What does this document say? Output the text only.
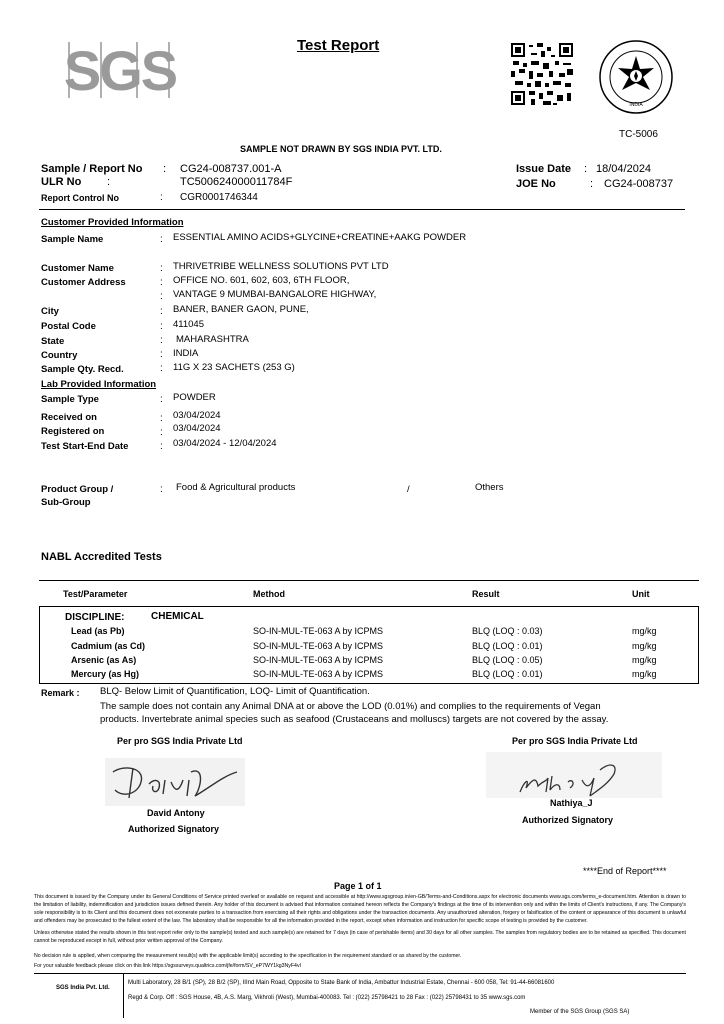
SGS	Test Report
INDIA
TC-5006
SAMPLE NOT DRAWN BY SGS INDIA PVT. LTD.
Sample / Report No : CG24-008737.001-A
ULR No :	TC500624000011784F
Report Control No	: CGR0001746344
Issue Date : 18/04/2024
JOE No	: CG24-008737
Customer Provided Information
Sample Name	: ESSENTIAL AMINO ACIDS+GLYCINE+CREATINE+AAKG POWDER
Customer Name	: THRIVETRIBE WELLNESS SOLUTIONS PVT LTD
Customer Address	: OFFICE NO. 601, 602, 603, 6TH FLOOR,
: VANTAGE 9 MUMBAI-BANGALORE HIGHWAY,
City	: BANER, BANER GAON, PUNE,
Postal Code	: 411045
State	: MAHARASHTRA
Country	: INDIA
Sample Qty. Recd.	: 11G X 23 SACHETS (253 G)
Lab Provided Information
Sample Type	: POWDER
Received on	: 03/04/2024
Registered on	: 03/04/2024
Test Start-End Date	: 03/04/2024 - 12/04/2024
Product Group /
Sub-Group
: Food & Agricultural products	/	Others
NABL Accredited Tests
Test/Parameter	Method	Result	Unit
DISCIPLINE:	CHEMICAL
Lead (as Pb)	SO-IN-MUL-TE-063 A by ICPMS	BLQ (LOQ : 0.03)	mg/kg
Cadmium (as Cd)	SO-IN-MUL-TE-063 A by ICPMS	BLQ (LOQ : 0.01)	mg/kg
Arsenic (as As)	SO-IN-MUL-TE-063 A by ICPMS	BLQ (LOQ : 0.05)	mg/kg
Mercury (as Hg)	SO-IN-MUL-TE-063 A by ICPMS	BLQ (LOQ : 0.01)	mg/kg
Remark : BLQ- Below Limit of Quantification, LOQ- Limit of Quantification.
The sample does not contain any Animal DNA at or above the LOD (0.01%) and complies to the requirements of Vegan
products. Invertebrate animal species such as seafood (Crustaceans and molluscs) targets are not covered by the assay.
Per pro SGS India Private Ltd
David Antony
Authorized Signatory
Per pro SGS India Private Ltd
Nathiya_J
Authorized Signatory
****End of Report****
Page 1 of 1
This document is issued by the Company under its General Conditions of Service printed overleaf or available on request and accessible at http://www.sgsgroup.in/en-GB/Terms-and-Conditions.aspx for electronic documents www.sgs.com/terms_e-document.htm. Attention is drawn to the limitation of liability, indemnification and jurisdiction issues defined therein. Any holder of this document is advised that information contained hereon reflects the Company's findings at the time of its intervention only and within the limits of Client's instructions, if any. The Company's sole responsibility is to its Client and this document does not exonerate parties to a transaction from exercising all their rights and obligations under the transaction documents. Any unauthorized alteration, forgery or falsification of the content or appearance of this document is unlawful and offenders may be prosecuted to the fullest extent of the law. The laboratory shall be responsible for all the information provided in the report, except when information and instruction for specific scope of testing is provided by the customer.
Unless otherwise stated the results shown in this test report refer only to the sample(s) tested and such sample(s) are retained for 7 days (in case of perishable items) and 30 days for all other samples. The samples from regulatory bodies are to be retained as specified. This document cannot be reproduced except in full, without prior written approval of the Company.
No decision rule is applied, when comparing the measurement result(s) with the applicable limit(s) according to the specification in the requirement standard or as shared by the customer.
For your valuable feedback please click on this link https://sgssurveys.qualtrics.com/jfe/form/SV_eP7WY1kg3NyF4vI
SGS India Pvt. Ltd.
Multi Laboratory, 28 B/1 (SP), 28 B/2 (SP), IIInd Main Road, Opposite to State Bank of India, Ambattur Industrial Estate, Chennai - 600 058, Tel: 91-44-66081600
Regd & Corp. Off : SGS House, 4B, A.S. Marg, Vikhroli (West), Mumbai-400083. Tel : (022) 25798421 to 28 Fax : (022) 25798431 to 35 www.sgs.com
Member of the SGS Group (SGS SA)
